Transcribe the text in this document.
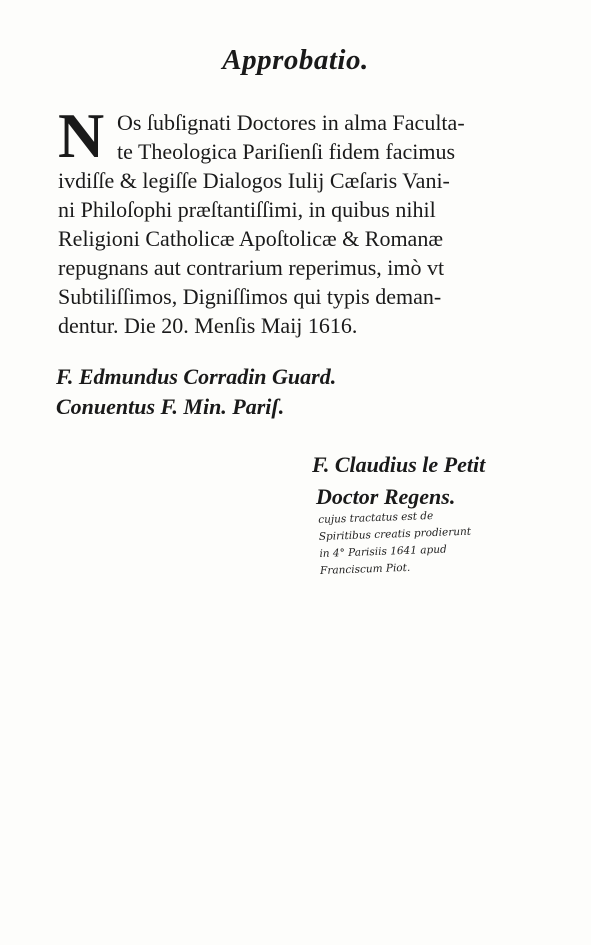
Approbatio.
N Os ſubſignati Doctores in alma Faculta-
te Theologica Pariſienſi fidem facimus
ivdiſſe & legiſſe Dialogos Iulij Cæſaris Vani-
ni Philoſophi præſtantiſſimi, in quibus nihil
Religioni Catholicæ Apoſtolicæ & Romanæ
repugnans aut contrarium reperimus, imò vt
Subtiliſſimos, Digniſſimos qui typis deman-
dentur. Die 20. Menſis Maij 1616.
F. Edmundus Corradin Guard.
Conuentus F. Min. Pariſ.
F. Claudius le Petit
Doctor Regens.
cujus tractatus est de
Spiritibus creatis prodierunt
in 4° Parisiis 1641 apud
Franciscum Piot.
